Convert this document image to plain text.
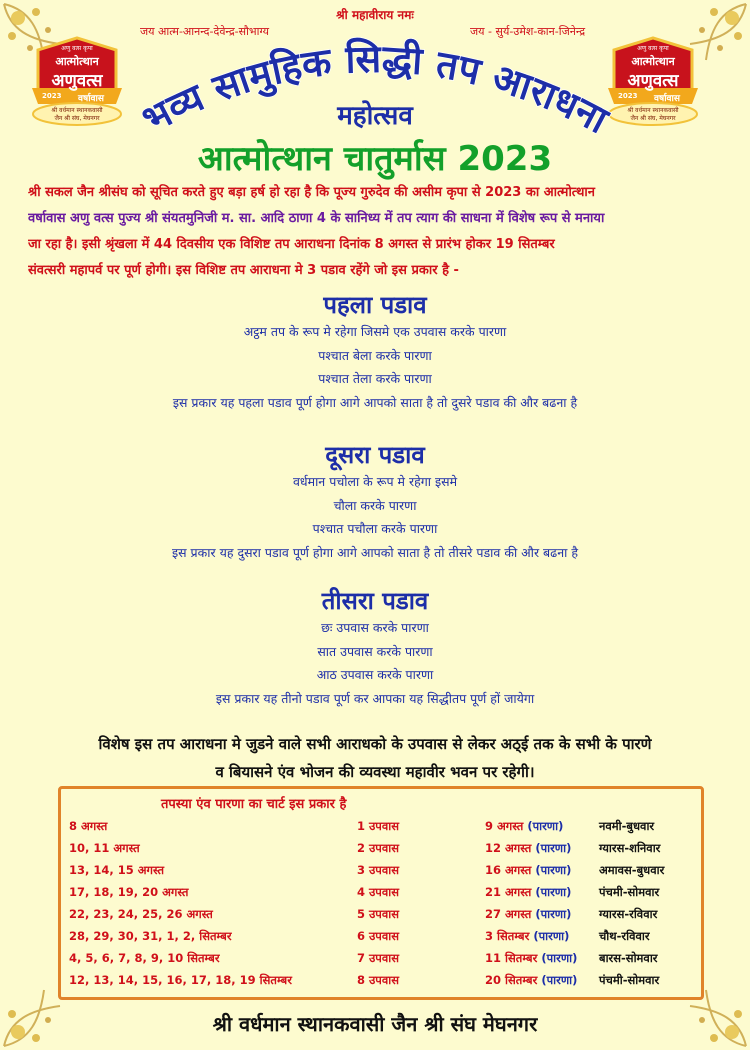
श्री महावीराय नमः
जय आत्म-आनन्द-देवेन्द्र-सौभाग्य	जय - सुर्य-उमेश-कान-जिनेन्द्र
अणु वत्स कृपा
आत्मोत्थान
अणुवत्स
2023 वर्षावास
श्री वर्धमान स्थानकवासी
जैन श्री संघ, मेघनगर
अणु वत्स कृपा
आत्मोत्थान
अणुवत्स
2023 वर्षावास
श्री वर्धमान स्थानकवासी
जैन श्री संघ, मेघनगर
भव्य सामुहिक सिद्धी तप आराधना
महोत्सव
आत्मोत्थान चातुर्मास 2023
श्री सकल जैन श्रीसंघ को सूचित करते हुए बड़ा हर्ष हो रहा है कि पूज्य गुरुदेव की असीम कृपा से 2023 का आत्मोत्थान
वर्षावास अणु वत्स पुज्य श्री संयतमुनिजी म. सा. आदि ठाणा 4 के सानिध्य में तप त्याग की साधना में विशेष रूप से मनाया
जा रहा है। इसी श्रृंखला में 44 दिवसीय एक विशिष्ट तप आराधना दिनांक 8 अगस्त से प्रारंभ होकर 19 सितम्बर
संवत्सरी महापर्व पर पूर्ण होगी। इस विशिष्ट तप आराधना मे 3 पडाव रहेंगे जो इस प्रकार है -
पहला पडाव
अट्ठम तप के रूप मे रहेगा जिसमे एक उपवास करके पारणा
पश्चात बेला करके पारणा
पश्चात तेला करके पारणा
इस प्रकार यह पहला पडाव पूर्ण होगा आगे आपको साता है तो दुसरे पडाव की और बढना है
दूसरा पडाव
वर्धमान पचोला के रूप मे रहेगा इसमे
चौला करके पारणा
पश्चात पचौला करके पारणा
इस प्रकार यह दुसरा पडाव पूर्ण होगा आगे आपको साता है तो तीसरे पडाव की और बढना है
तीसरा पडाव
छः उपवास करके पारणा
सात उपवास करके पारणा
आठ उपवास करके पारणा
इस प्रकार यह तीनो पडाव पूर्ण कर आपका यह सिद्धीतप पूर्ण हों जायेगा
विशेष इस तप आराधना मे जुडने वाले सभी आराधको के उपवास से लेकर अठ्ई तक के सभी के पारणे
व बियासने एंव भोजन की व्यवस्था महावीर भवन पर रहेगी।
तपस्या एंव पारणा का चार्ट इस प्रकार है
8 अगस्त	1 उपवास	9 अगस्त (पारणा)	नवमी-बुधवार
10, 11 अगस्त	2 उपवास	12 अगस्त (पारणा) ग्यारस-शनिवार
13, 14, 15 अगस्त	3 उपवास	16 अगस्त (पारणा) अमावस-बुधवार
17, 18, 19, 20 अगस्त	4 उपवास	21 अगस्त (पारणा) पंचमी-सोमवार
22, 23, 24, 25, 26 अगस्त	5 उपवास	27 अगस्त (पारणा) ग्यारस-रविवार
28, 29, 30, 31, 1, 2, सितम्बर	6 उपवास	3 सितम्बर (पारणा)	चौथ-रविवार
4, 5, 6, 7, 8, 9, 10 सितम्बर	7 उपवास	11 सितम्बर (पारणा) बारस-सोमवार
12, 13, 14, 15, 16, 17, 18, 19 सितम्बर	8 उपवास	20 सितम्बर (पारणा) पंचमी-सोमवार
श्री वर्धमान स्थानकवासी जैन श्री संघ मेघनगर
